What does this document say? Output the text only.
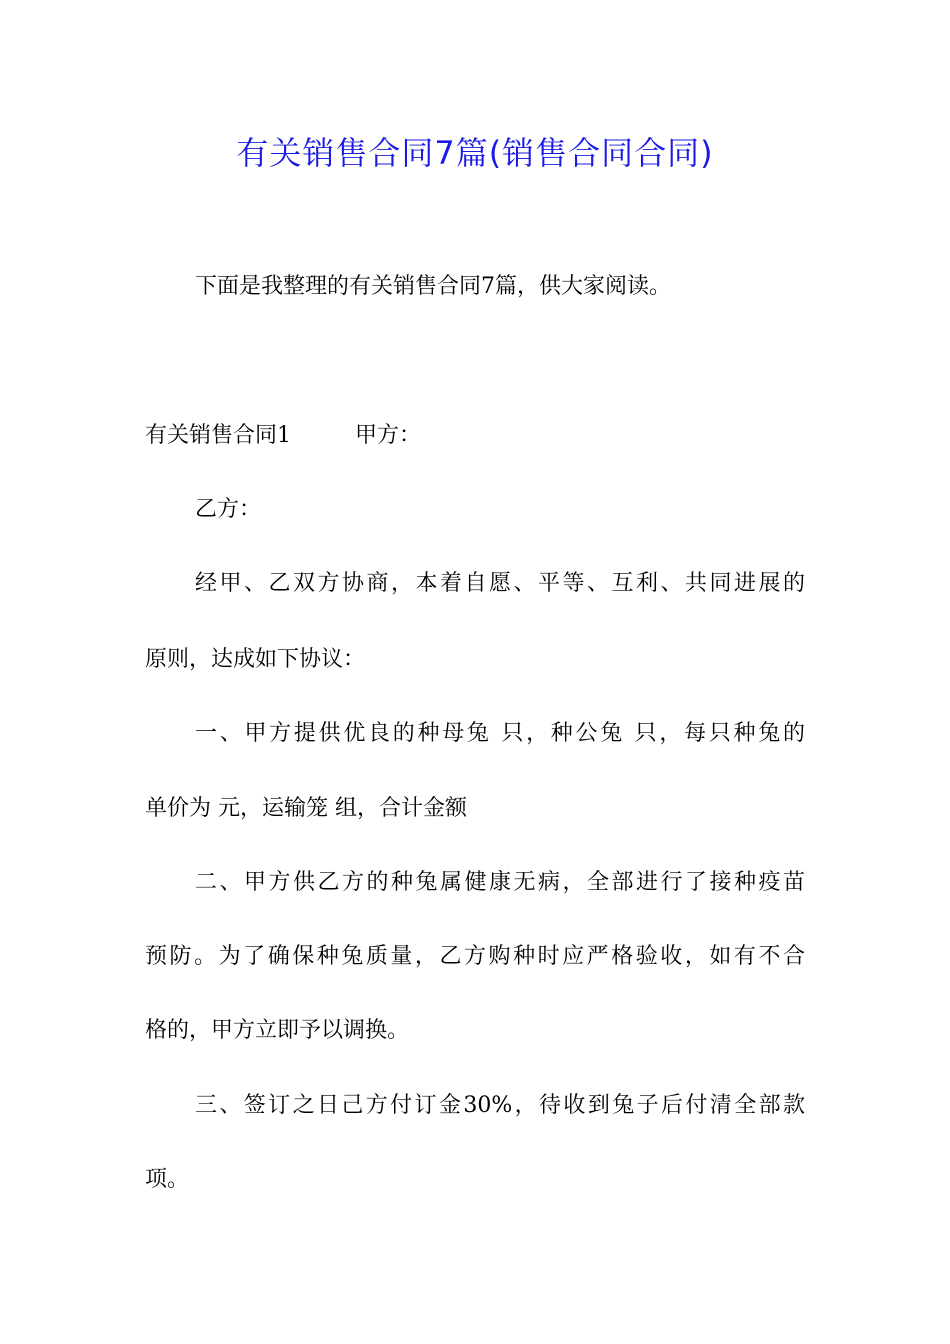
有关销售合同7篇(销售合同合同)
下面是我整理的有关销售合同7篇，供大家阅读。
有关销售合同1	甲方：
乙方：
经甲、乙双方协商，本着自愿、平等、互利、共同进展的
原则，达成如下协议：
一、甲方提供优良的种母兔 只，种公兔 只，每只种兔的
单价为 元，运输笼 组，合计金额
二、甲方供乙方的种兔属健康无病，全部进行了接种疫苗
预防。为了确保种兔质量，乙方购种时应严格验收，如有不合
格的，甲方立即予以调换。
三、签订之日己方付订金30%，待收到兔子后付清全部款
项。
